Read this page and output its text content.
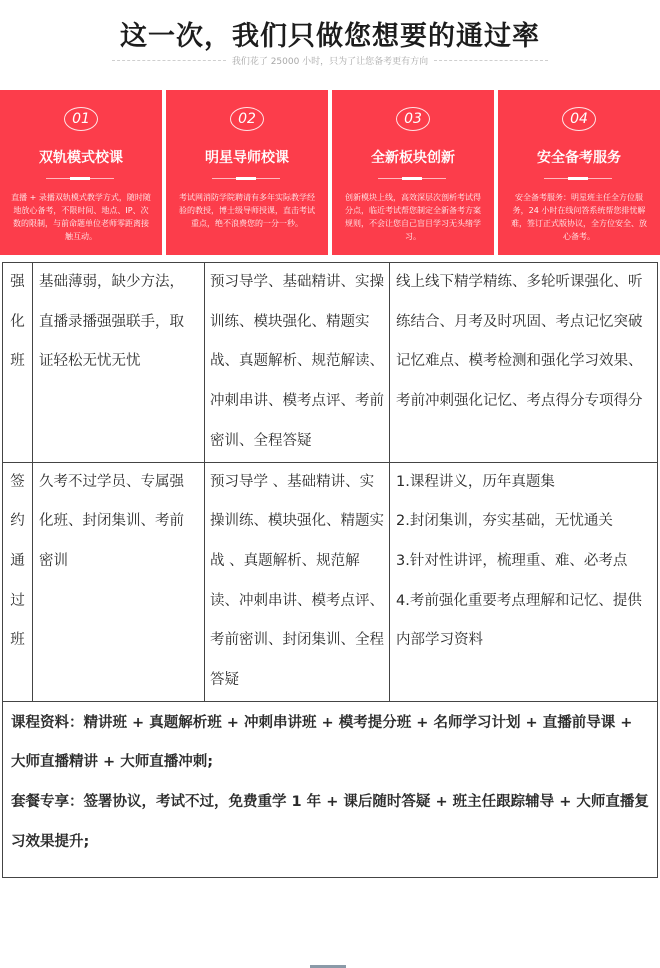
这一次，我们只做您想要的通过率
我们花了 25000 小时，只为了让您备考更有方向
01
双轨模式校课
直播 + 录播双轨模式教学方式，随时随地放心备考，不限时间、地点、IP、次数的限制，与前命题单位老师零距离接触互动。
02
明星导师校课
考试网消防学院聘请有多年实际教学经验的教授，博士级导师授课，直击考试重点，绝不浪费您的一分一秒。
03
全新板块创新
创新模块上线，高效深层次剖析考试得分点，临近考试帮您制定全新备考方案规则，不会让您自己盲目学习无头绪学习。
04
安全备考服务
安全备考服务：明星班主任全方位服务，24 小时在线问答系统帮您排忧解难，签订正式版协议，全方位安全、放心备考。
强化班	基础薄弱，缺少方法，直播录播强强联手，取证轻松无忧无忧	预习导学、基础精讲、实操训练、模块强化、精题实战、真题解析、规范解读、冲刺串讲、模考点评、考前密训、全程答疑	线上线下精学精练、多轮听课强化、听练结合、月考及时巩固、考点记忆突破记忆难点、模考检测和强化学习效果、考前冲刺强化记忆、考点得分专项得分
签约通过班	久考不过学员、专属强化班、封闭集训、考前密训	预习导学 、基础精讲、实操训练、模块强化、精题实战 、真题解析、规范解读、冲刺串讲、模考点评、考前密训、封闭集训、全程答疑	1.课程讲义，历年真题集
2.封闭集训，夯实基础，无忧通关
3.针对性讲评，梳理重、难、必考点
4.考前强化重要考点理解和记忆、提供内部学习资料

课程资料：精讲班 + 真题解析班 + 冲刺串讲班 + 模考提分班 + 名师学习计划 + 直播前导课 + 大师直播精讲 + 大师直播冲刺;
套餐专享：签署协议，考试不过，免费重学 1 年 + 课后随时答疑 + 班主任跟踪辅导 + 大师直播复习效果提升;			
